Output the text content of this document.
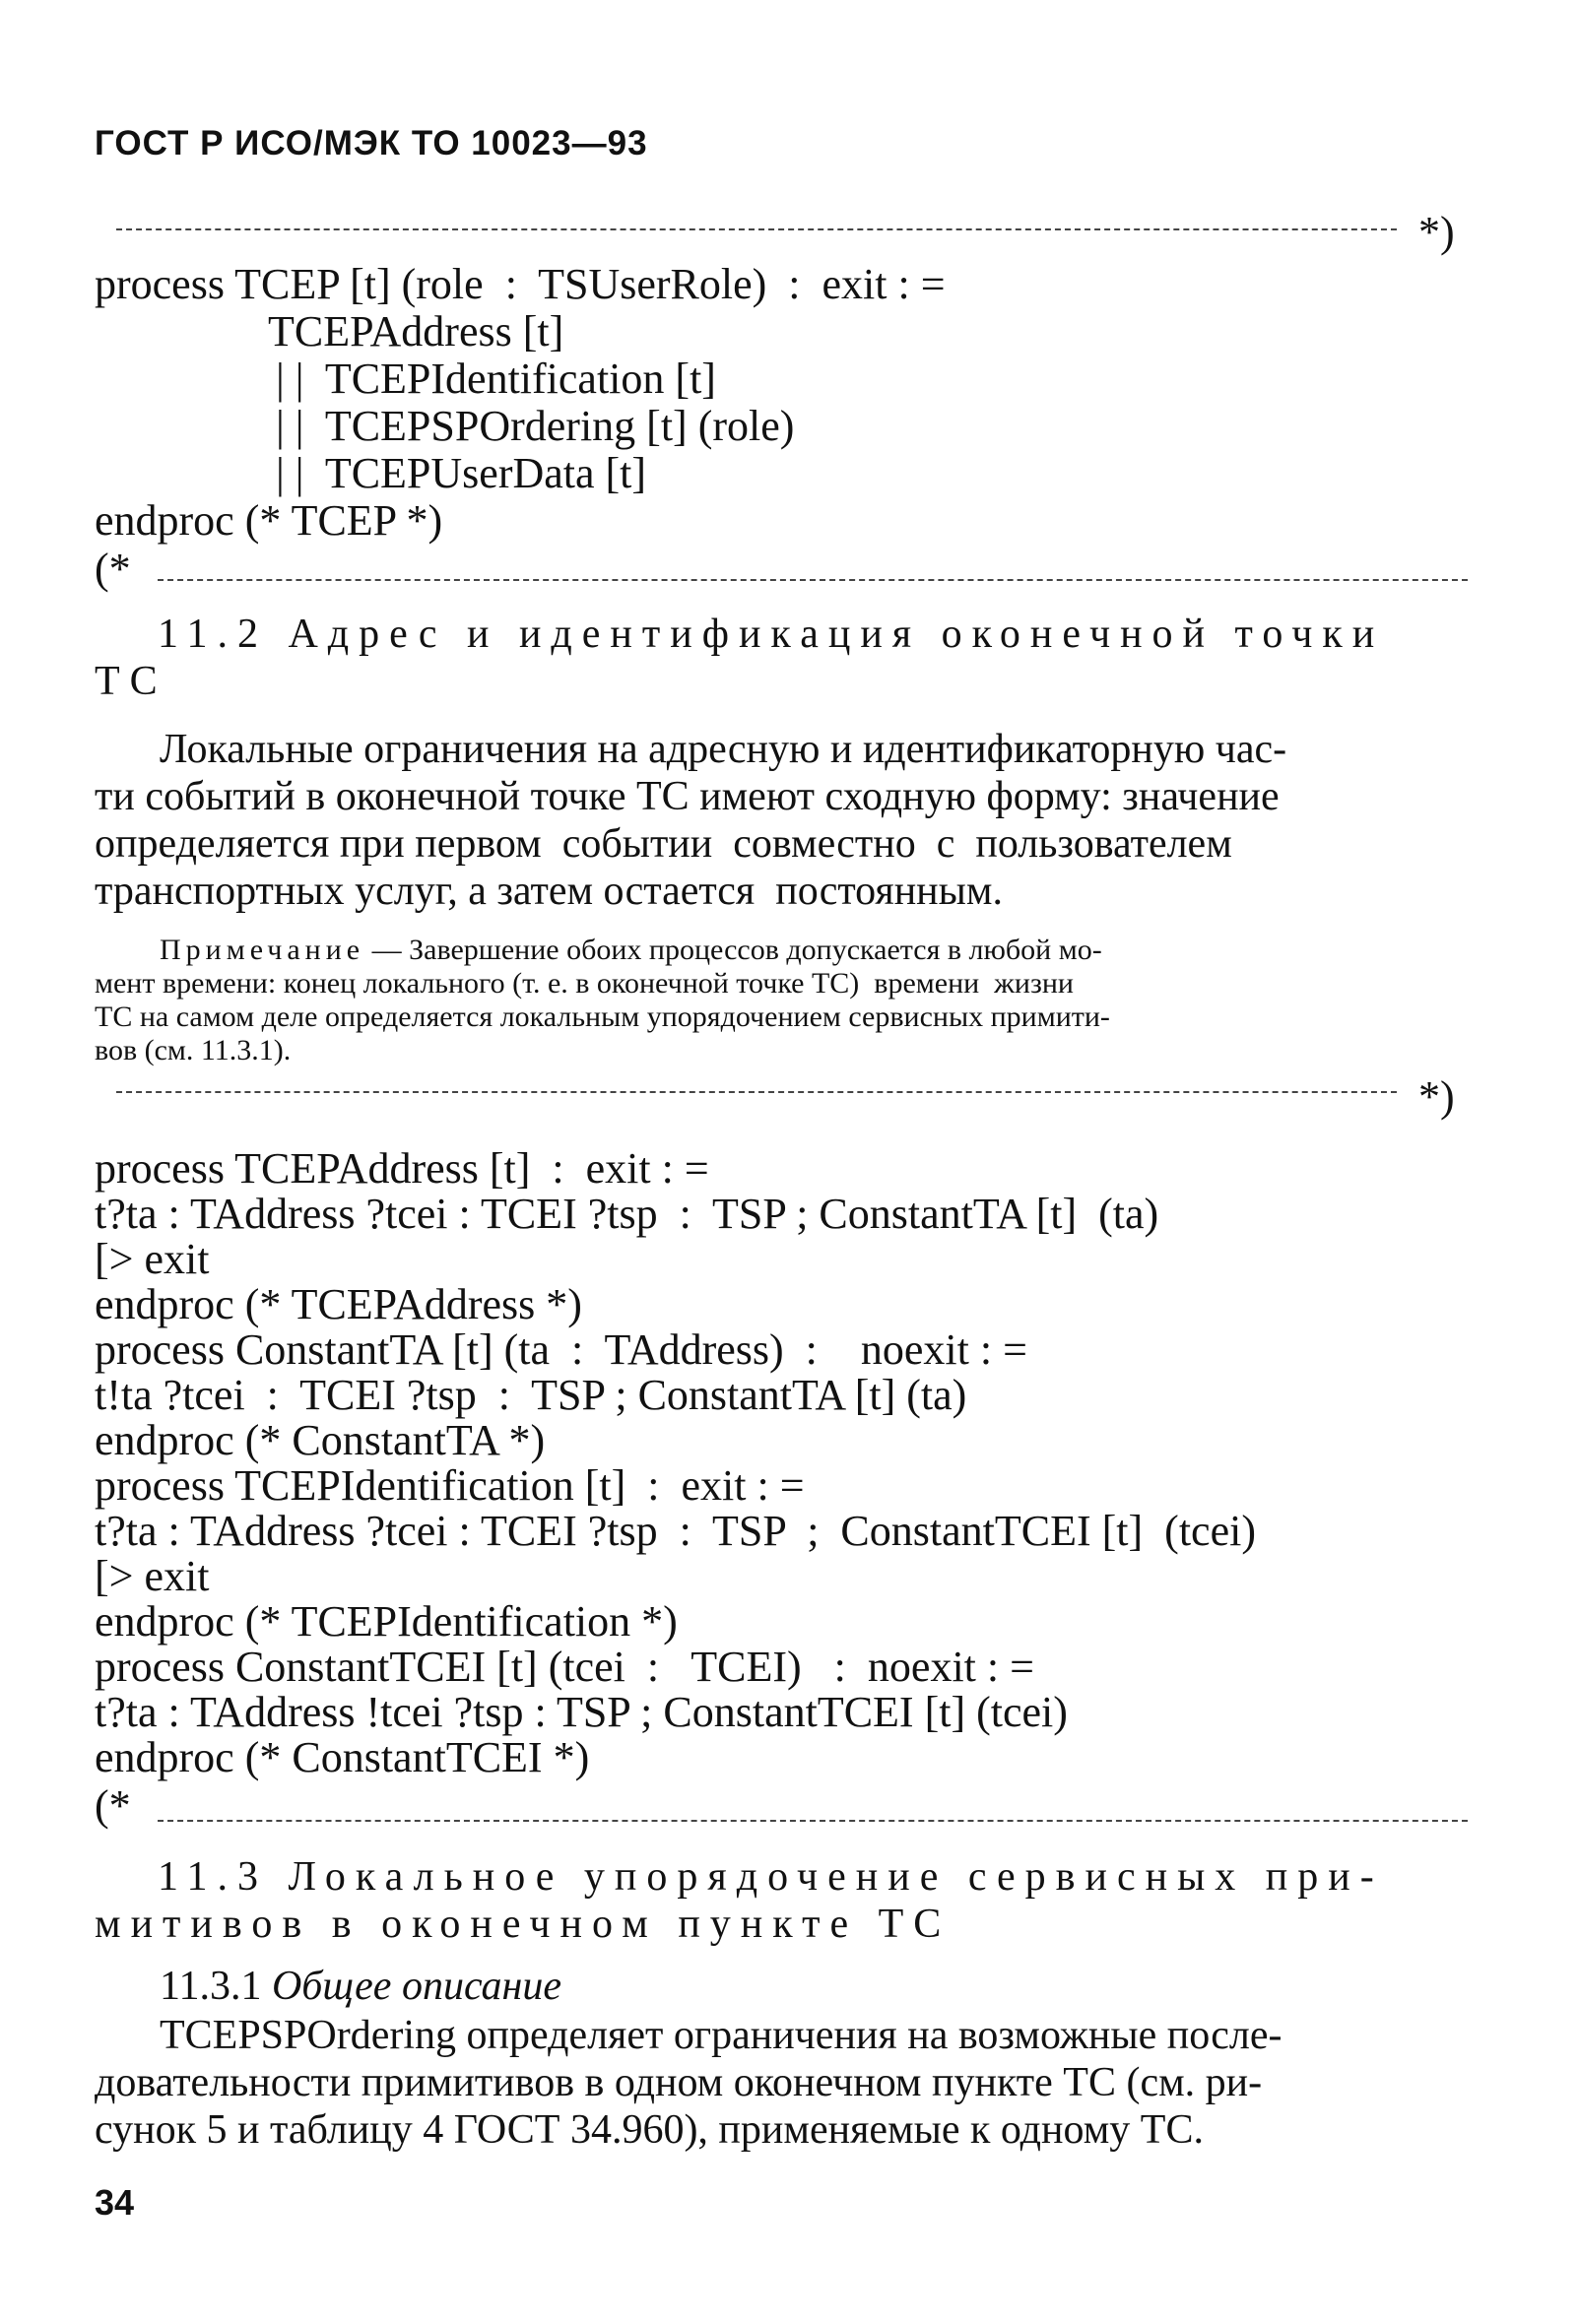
ГОСТ Р ИСО/МЭК ТО 10023—93
*)
process TCEP [t] (role  :  TSUserRole)  :  exit : =
TCEPAddress [t]
| |  TCEPIdentification [t]
| |  TCEPSPOrdering [t] (role)
| |  TCEPUserData [t]
endproc (* TCEP *)
(*
11.2 Адрес и идентификация оконечной точки
ТС
Локальные ограничения на адресную и идентификаторную час-
ти событий в оконечной точке ТС имеют сходную форму: значение
определяется при первом  событии  совместно  с  пользователем
транспортных услуг, а затем остается  постоянным.
Примечание — Завершение обоих процессов допускается в любой мо-
мент времени: конец локального (т. е. в оконечной точке ТС)  времени  жизни
ТС на самом деле определяется локальным упорядочением сервисных примити-
вов (см. 11.3.1).
*)
process TCEPAddress [t]  :  exit : =
t?ta : TAddress ?tcei : TCEI ?tsp  :  TSP ; ConstantTA [t]  (ta)
[> exit
endproc (* TCEPAddress *)
process ConstantTA [t] (ta  :  TAddress)  :    noexit : =
t!ta ?tcei  :  TCEI ?tsp  :  TSP ; ConstantTA [t] (ta)
endproc (* ConstantTA *)
process TCEPIdentification [t]  :  exit : =
t?ta : TAddress ?tcei : TCEI ?tsp  :  TSP  ;  ConstantTCEI [t]  (tcei)
[> exit
endproc (* TCEPIdentification *)
process ConstantTCEI [t] (tcei  :   TCEI)   :  noexit : =
t?ta : TAddress !tcei ?tsp : TSP ; ConstantTCEI [t] (tcei)
endproc (* ConstantTCEI *)
(*
11.3 Локальное упорядочение сервисных при-
митивов в оконечном пункте ТС
11.3.1 Общее описание
TCEPSPOrdering определяет ограничения на возможные после-
довательности примитивов в одном оконечном пункте ТС (см. ри-
сунок 5 и таблицу 4 ГОСТ 34.960), применяемые к одному ТС.
34
